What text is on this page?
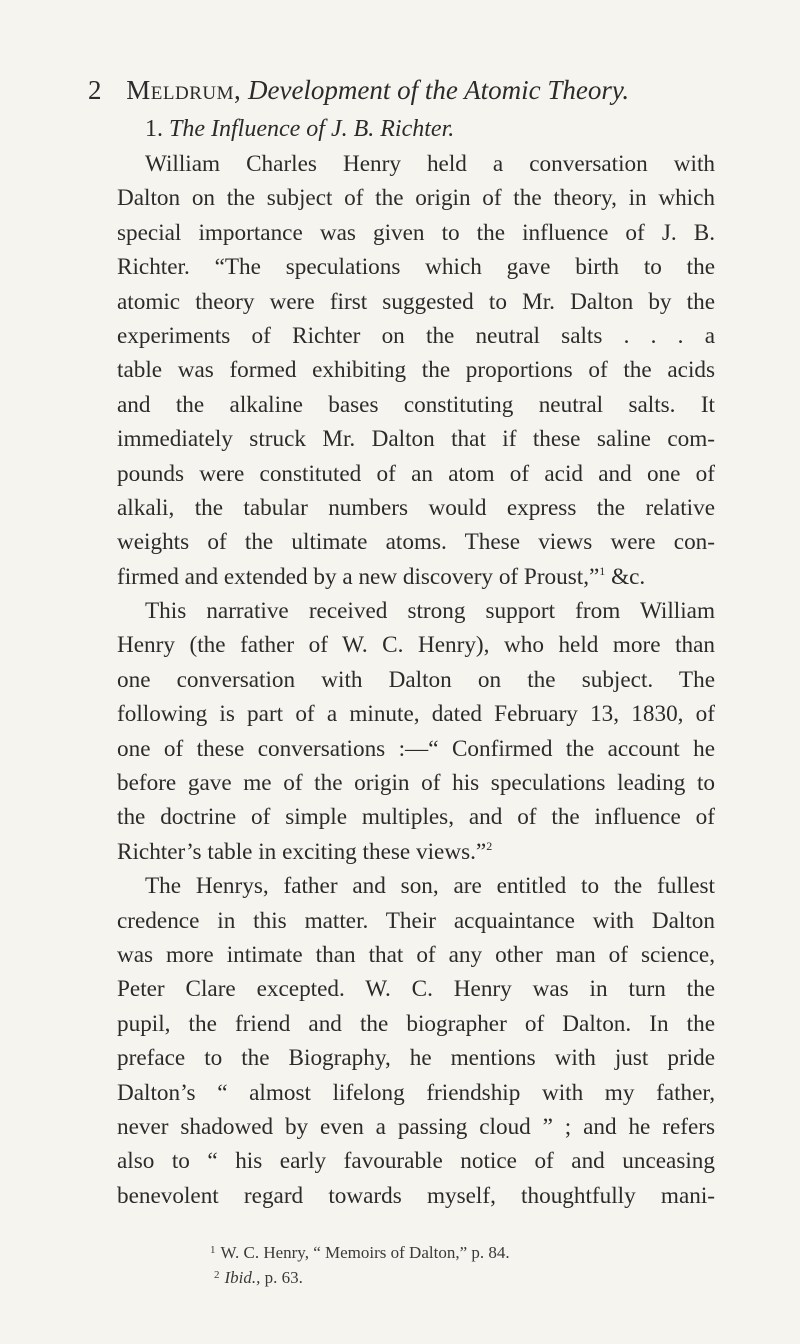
2 Meldrum, Development of the Atomic Theory.
1. The Influence of J. B. Richter.
William Charles Henry held a conversation with
Dalton on the subject of the origin of the theory, in which
special importance was given to the influence of J. B.
Richter. “The speculations which gave birth to the
atomic theory were first suggested to Mr. Dalton by the
experiments of Richter on the neutral salts . . . a
table was formed exhibiting the proportions of the acids
and the alkaline bases constituting neutral salts. It
immediately struck Mr. Dalton that if these saline com-
pounds were constituted of an atom of acid and one of
alkali, the tabular numbers would express the relative
weights of the ultimate atoms. These views were con-
firmed and extended by a new discovery of Proust,”$^1$ &c.
This narrative received strong support from William
Henry (the father of W. C. Henry), who held more than
one conversation with Dalton on the subject. The
following is part of a minute, dated February 13, 1830, of
one of these conversations :—“ Confirmed the account he
before gave me of the origin of his speculations leading to
the doctrine of simple multiples, and of the influence of
Richter’s table in exciting these views.”$^2$
The Henrys, father and son, are entitled to the fullest
credence in this matter. Their acquaintance with Dalton
was more intimate than that of any other man of science,
Peter Clare excepted. W. C. Henry was in turn the
pupil, the friend and the biographer of Dalton. In the
preface to the Biography, he mentions with just pride
Dalton’s “ almost lifelong friendship with my father,
never shadowed by even a passing cloud ” ; and he refers
also to “ his early favourable notice of and unceasing
benevolent regard towards myself, thoughtfully mani-
$^1$ W. C. Henry, “ Memoirs of Dalton,” p. 84.
$^2$ Ibid., p. 63.
